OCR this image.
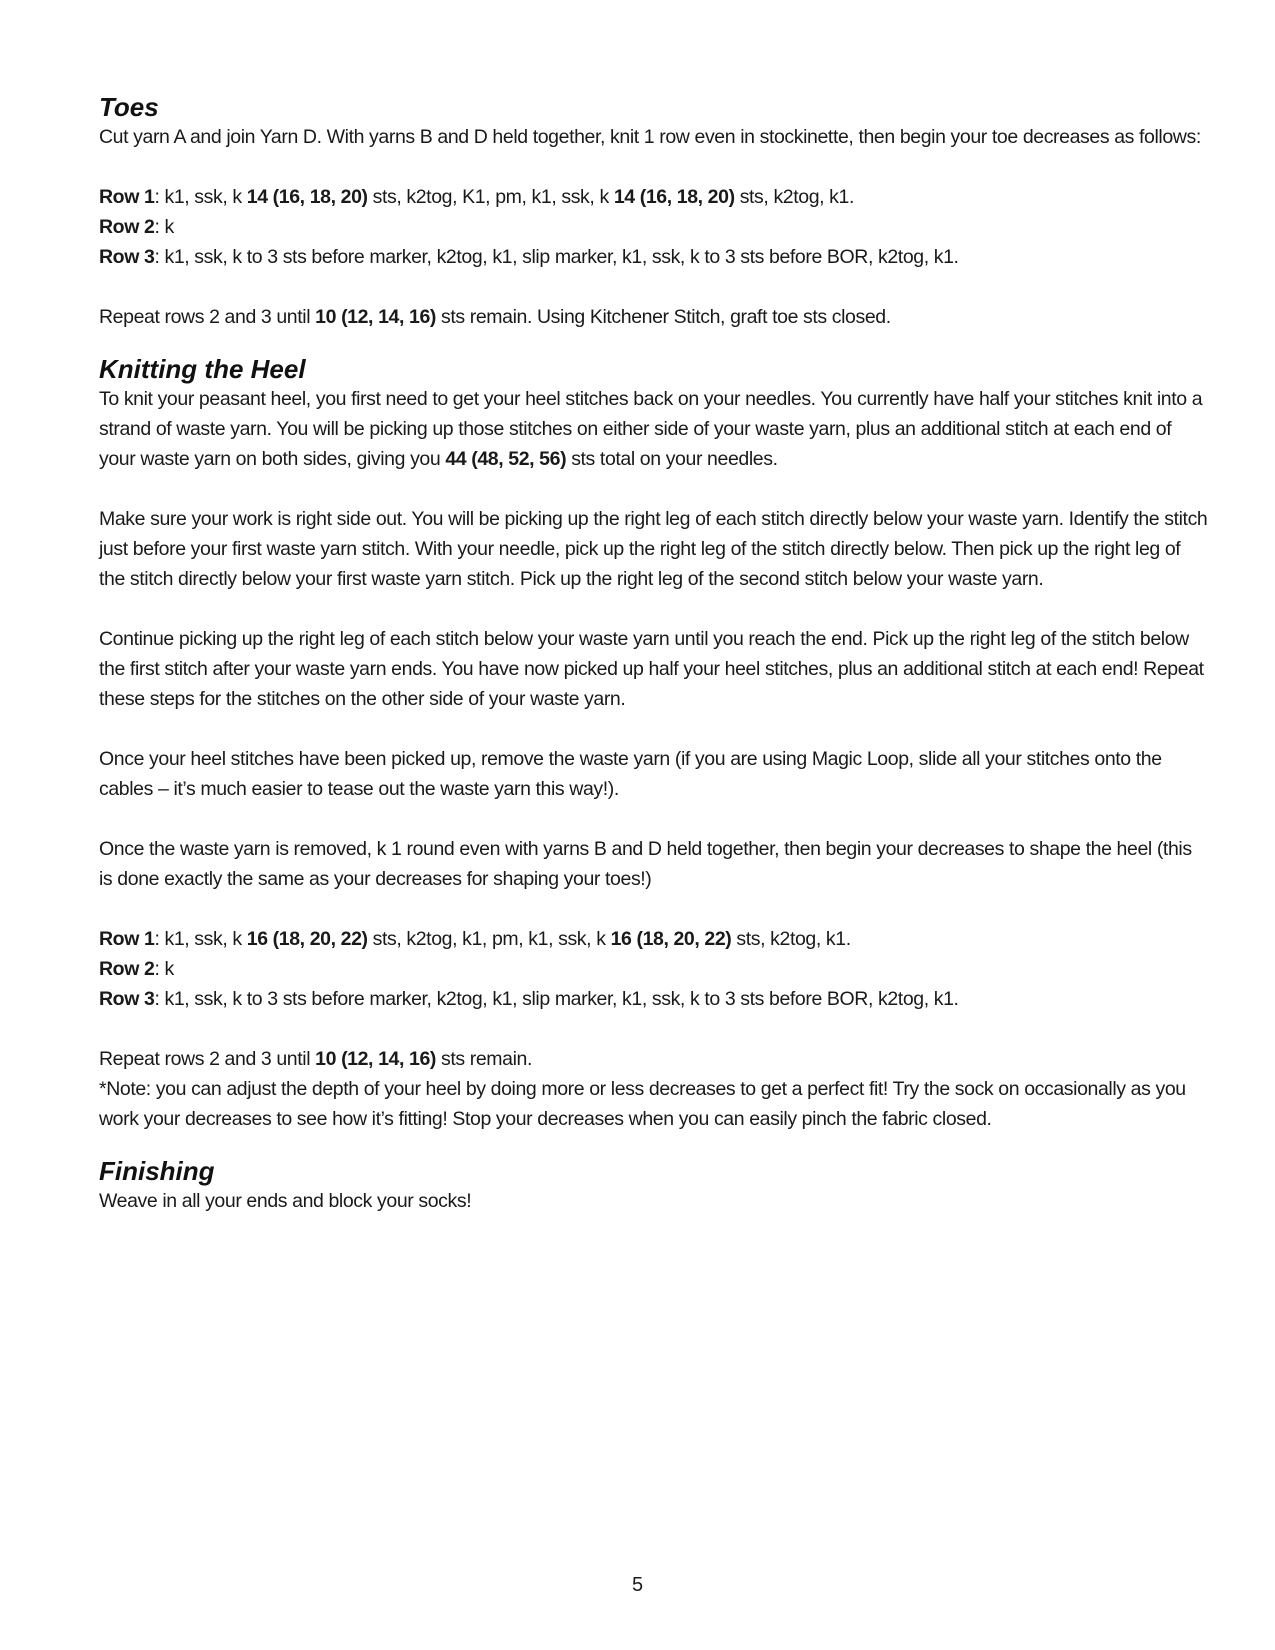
Toes

Cut yarn A and join Yarn D. With yarns B and D held together, knit 1 row even in stockinette, then begin your toe decreases as follows:

Row 1: k1, ssk, k 14 (16, 18, 20) sts, k2tog, K1, pm, k1, ssk, k 14 (16, 18, 20) sts, k2tog, k1.

Row 2: k

Row 3: k1, ssk, k to 3 sts before marker, k2tog, k1, slip marker, k1, ssk, k to 3 sts before BOR, k2tog, k1.

Repeat rows 2 and 3 until 10 (12, 14, 16) sts remain. Using Kitchener Stitch, graft toe sts closed.

Knitting the Heel

To knit your peasant heel, you first need to get your heel stitches back on your needles. You currently have half your stitches knit into a strand of waste yarn. You will be picking up those stitches on either side of your waste yarn, plus an additional stitch at each end of your waste yarn on both sides, giving you 44 (48, 52, 56) sts total on your needles.

Make sure your work is right side out. You will be picking up the right leg of each stitch directly below your waste yarn. Identify the stitch just before your first waste yarn stitch. With your needle, pick up the right leg of the stitch directly below. Then pick up the right leg of the stitch directly below your first waste yarn stitch. Pick up the right leg of the second stitch below your waste yarn.

Continue picking up the right leg of each stitch below your waste yarn until you reach the end. Pick up the right leg of the stitch below the first stitch after your waste yarn ends. You have now picked up half your heel stitches, plus an additional stitch at each end! Repeat these steps for the stitches on the other side of your waste yarn.

Once your heel stitches have been picked up, remove the waste yarn (if you are using Magic Loop, slide all your stitches onto the cables – it’s much easier to tease out the waste yarn this way!).

Once the waste yarn is removed, k 1 round even with yarns B and D held together, then begin your decreases to shape the heel (this is done exactly the same as your decreases for shaping your toes!)

Row 1: k1, ssk, k 16 (18, 20, 22) sts, k2tog, k1, pm, k1, ssk, k 16 (18, 20, 22) sts, k2tog, k1.

Row 2: k

Row 3: k1, ssk, k to 3 sts before marker, k2tog, k1, slip marker, k1, ssk, k to 3 sts before BOR, k2tog, k1.

Repeat rows 2 and 3 until 10 (12, 14, 16) sts remain.

*Note: you can adjust the depth of your heel by doing more or less decreases to get a perfect fit! Try the sock on occasionally as you work your decreases to see how it’s fitting! Stop your decreases when you can easily pinch the fabric closed.

Finishing

Weave in all your ends and block your socks!

5
